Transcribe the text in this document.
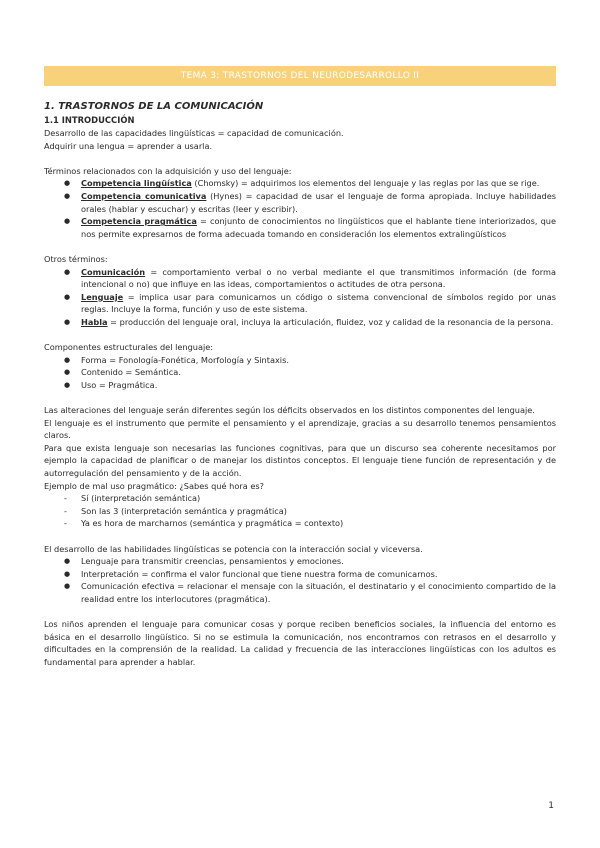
TEMA 3: TRASTORNOS DEL NEURODESARROLLO II
1. TRASTORNOS DE LA COMUNICACIÓN
1.1 INTRODUCCIÓN

Desarrollo de las capacidades lingüísticas = capacidad de comunicación.

Adquirir una lengua = aprender a usarla.

Términos relacionados con la adquisición y uso del lenguaje:

● Competencia lingüística (Chomsky) = adquirimos los elementos del lenguaje y las reglas por las que se rige.
● Competencia comunicativa (Hynes) = capacidad de usar el lenguaje de forma apropiada. Incluye habilidades orales (hablar y escuchar) y escritas (leer y escribir).
● Competencia pragmática = conjunto de conocimientos no lingüísticos que el hablante tiene interiorizados, que nos permite expresarnos de forma adecuada tomando en consideración los elementos extralingüísticos

Otros términos:

● Comunicación = comportamiento verbal o no verbal mediante el que transmitimos información (de forma intencional o no) que influye en las ideas, comportamientos o actitudes de otra persona.
● Lenguaje = implica usar para comunicarnos un código o sistema convencional de símbolos regido por unas reglas. Incluye la forma, función y uso de este sistema.
● Habla = producción del lenguaje oral, incluya la articulación, fluidez, voz y calidad de la resonancia de la persona.

Componentes estructurales del lenguaje:

● Forma = Fonología-Fonética, Morfología y Sintaxis.
● Contenido = Semántica.
● Uso = Pragmática.

Las alteraciones del lenguaje serán diferentes según los déficits observados en los distintos componentes del lenguaje.

El lenguaje es el instrumento que permite el pensamiento y el aprendizaje, gracias a su desarrollo tenemos pensamientos claros.

Para que exista lenguaje son necesarias las funciones cognitivas, para que un discurso sea coherente necesitamos por ejemplo la capacidad de planificar o de manejar los distintos conceptos. El lenguaje tiene función de representación y de autorregulación del pensamiento y de la acción.

Ejemplo de mal uso pragmático: ¿Sabes qué hora es?

- Sí (interpretación semántica)
- Son las 3 (interpretación semántica y pragmática)
- Ya es hora de marcharnos (semántica y pragmática = contexto)

El desarrollo de las habilidades lingüísticas se potencia con la interacción social y viceversa.

● Lenguaje para transmitir creencias, pensamientos y emociones.
● Interpretación = confirma el valor funcional que tiene nuestra forma de comunicarnos.
● Comunicación efectiva = relacionar el mensaje con la situación, el destinatario y el conocimiento compartido de la realidad entre los interlocutores (pragmática).

Los niños aprenden el lenguaje para comunicar cosas y porque reciben beneficios sociales, la influencia del entorno es básica en el desarrollo lingüístico. Si no se estimula la comunicación, nos encontramos con retrasos en el desarrollo y dificultades en la comprensión de la realidad. La calidad y frecuencia de las interacciones lingüísticas con los adultos es fundamental para aprender a hablar.

1
